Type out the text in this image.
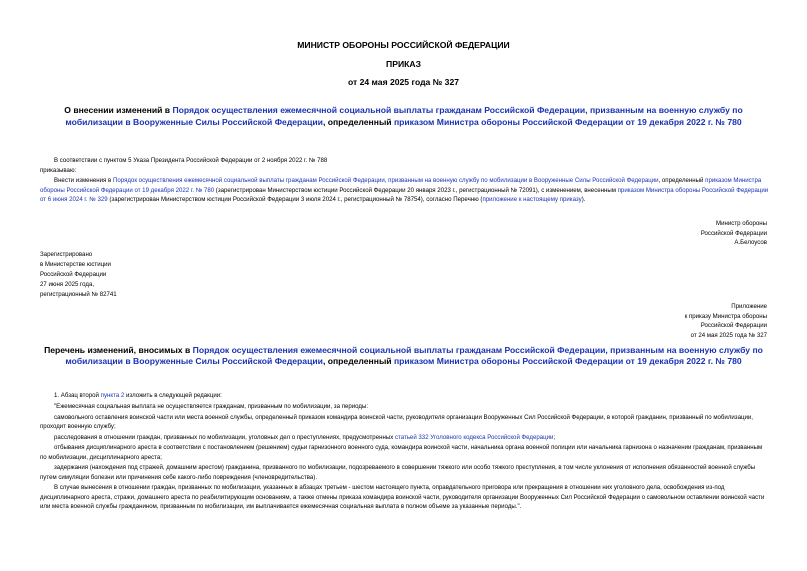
МИНИСТР ОБОРОНЫ РОССИЙСКОЙ ФЕДЕРАЦИИ
ПРИКАЗ
от 24 мая 2025 года № 327
О внесении изменений в Порядок осуществления ежемесячной социальной выплаты гражданам Российской Федерации, призванным на военную службу по мобилизации в Вооруженные Силы Российской Федерации, определенный приказом Министра обороны Российской Федерации от 19 декабря 2022 г. № 780
В соответствии с пунктом 5 Указа Президента Российской Федерации от 2 ноября 2022 г. № 788
приказываю:
Внести изменения в Порядок осуществления ежемесячной социальной выплаты гражданам Российской Федерации, призванным на военную службу по мобилизации в Вооруженные Силы Российской Федерации, определенный приказом Министра обороны Российской Федерации от 19 декабря 2022 г. № 780 (зарегистрирован Министерством юстиции Российской Федерации 20 января 2023 г., регистрационный № 72091), с изменением, внесенным приказом Министра обороны Российской Федерации от 6 июня 2024 г. № 329 (зарегистрирован Министерством юстиции Российской Федерации 3 июля 2024 г., регистрационный № 78754), согласно Перечню (приложение к настоящему приказу).
Министр обороны
Российской Федерации
А.Белоусов
Зарегистрировано
в Министерстве юстиции
Российской Федерации
27 июня 2025 года,
регистрационный № 82741
Приложение
к приказу Министра обороны
Российской Федерации
от 24 мая 2025 года № 327
Перечень изменений, вносимых в Порядок осуществления ежемесячной социальной выплаты гражданам Российской Федерации, призванным на военную службу по мобилизации в Вооруженные Силы Российской Федерации, определенный приказом Министра обороны Российской Федерации от 19 декабря 2022 г. № 780
1. Абзац второй пункта 2 изложить в следующей редакции:
"Ежемесячная социальная выплата не осуществляется гражданам, призванным по мобилизации, за периоды:
самовольного оставления воинской части или места военной службы, определенный приказом командира воинской части, руководителя организации Вооруженных Сил Российской Федерации, в которой гражданин, призванный по мобилизации, проходит военную службу;
расследования в отношении граждан, призванных по мобилизации, уголовных дел о преступлениях, предусмотренных статьей 332 Уголовного кодекса Российской Федерации;
отбывания дисциплинарного ареста в соответствии с постановлением (решением) судьи гарнизонного военного суда, командира воинской части, начальника органа военной полиции или начальника гарнизона о назначении гражданам, призванным по мобилизации, дисциплинарного ареста;
задержания (нахождения под стражей, домашним арестом) гражданина, призванного по мобилизации, подозреваемого в совершении тяжкого или особо тяжкого преступления, в том числе уклонения от исполнения обязанностей военной службы путем симуляции болезни или причинения себе какого-либо повреждения (членовредительства).
В случае вынесения в отношении граждан, призванных по мобилизации, указанных в абзацах третьем - шестом настоящего пункта, оправдательного приговора или прекращения в отношении них уголовного дела, освобождения из-под дисциплинарного ареста, стражи, домашнего ареста по реабилитирующим основаниям, а также отмены приказа командира воинской части, руководителя организации Вооруженных Сил Российской Федерации о самовольном оставлении воинской части или места военной службы гражданином, призванным по мобилизации, им выплачивается ежемесячная социальная выплата в полном объеме за указанные периоды.".
